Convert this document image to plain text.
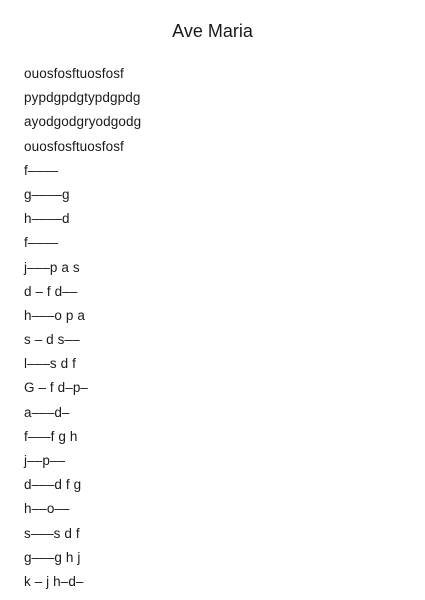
Ave Maria
ouosfosftuosfosf
pypdgpdgtypdgpdg
ayodgodgryodgodg
ouosfosftuosfosf
f––––
g––––g
h––––d
f––––
j–––p a s
d – f d––
h–––o p a
s – d s––
l–––s d f
G – f d–p–
a–––d–
f–––f g h
j––p––
d–––d f g
h––o––
s–––s d f
g–––g h j
k – j h–d–
